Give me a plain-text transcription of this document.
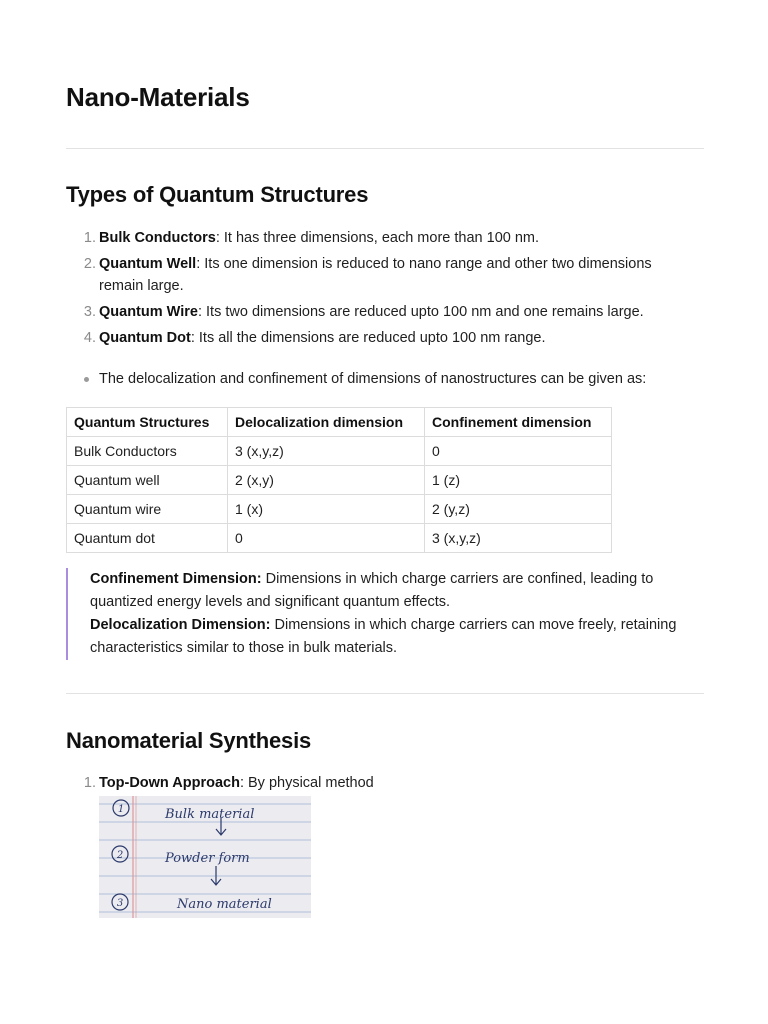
Nano-Materials
Types of Quantum Structures
1. Bulk Conductors: It has three dimensions, each more than 100 nm.
2. Quantum Well: Its one dimension is reduced to nano range and other two dimensions remain large.
3. Quantum Wire: Its two dimensions are reduced upto 100 nm and one remains large.
4. Quantum Dot: Its all the dimensions are reduced upto 100 nm range.
The delocalization and confinement of dimensions of nanostructures can be given as:
Quantum Structures	Delocalization dimension	Confinement dimension
Bulk Conductors	3 (x,y,z)	0
Quantum well	2 (x,y)	1 (z)
Quantum wire	1 (x)	2 (y,z)
Quantum dot	0	3 (x,y,z)

Confinement Dimension: Dimensions in which charge carriers are confined, leading to quantized energy levels and significant quantum effects.

Delocalization Dimension: Dimensions in which charge carriers can move freely, retaining characteristics similar to those in bulk materials.

Nanomaterial Synthesis
1. Top-Down Approach: By physical method
1
2
3
Bulk material
Powder form
Nano material
